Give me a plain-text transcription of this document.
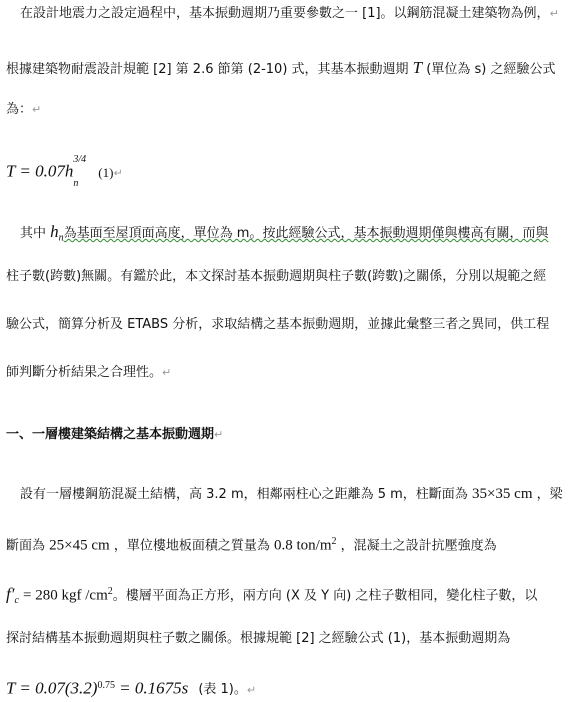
在設計地震力之設定過程中，基本振動週期乃重要參數之一 [1]。以鋼筋混凝土建築物為例，↵
根據建築物耐震設計規範 [2] 第 2.6 節第 (2-10) 式，其基本振動週期 T (單位為 s) 之經驗公式
為：↵
T = 0.07h
n
$^{3/4}$ (1)↵
其中 $h_n$為基面至屋頂面高度，單位為 m。按此經驗公式，基本振動週期僅與樓高有關，而與
柱子數(跨數)無關。有鑑於此，本文探討基本振動週期與柱子數(跨數)之關係，分別以規範之經
驗公式，簡算分析及 ETABS 分析，求取結構之基本振動週期，並據此彙整三者之異同，供工程
師判斷分析結果之合理性。↵
一、一層樓建築結構之基本振動週期↵
設有一層樓鋼筋混凝土結構，高 3.2 m，相鄰兩柱心之距離為 5 m，柱斷面為 35×35 cm ，梁
斷面為 25×45 cm ，單位樓地板面積之質量為 0.8 ton/$m^2$ ，混凝土之設計抗壓強度為
$f'_c = 280$ kgf $/cm^2$。樓層平面為正方形，兩方向 (X 及 Y 向) 之柱子數相同，變化柱子數，以
探討結構基本振動週期與柱子數之關係。根據規範 [2] 之經驗公式 (1)，基本振動週期為
$T = 0.07(3.2)^{0.75} = 0.1675s$ (表 1)。↵
